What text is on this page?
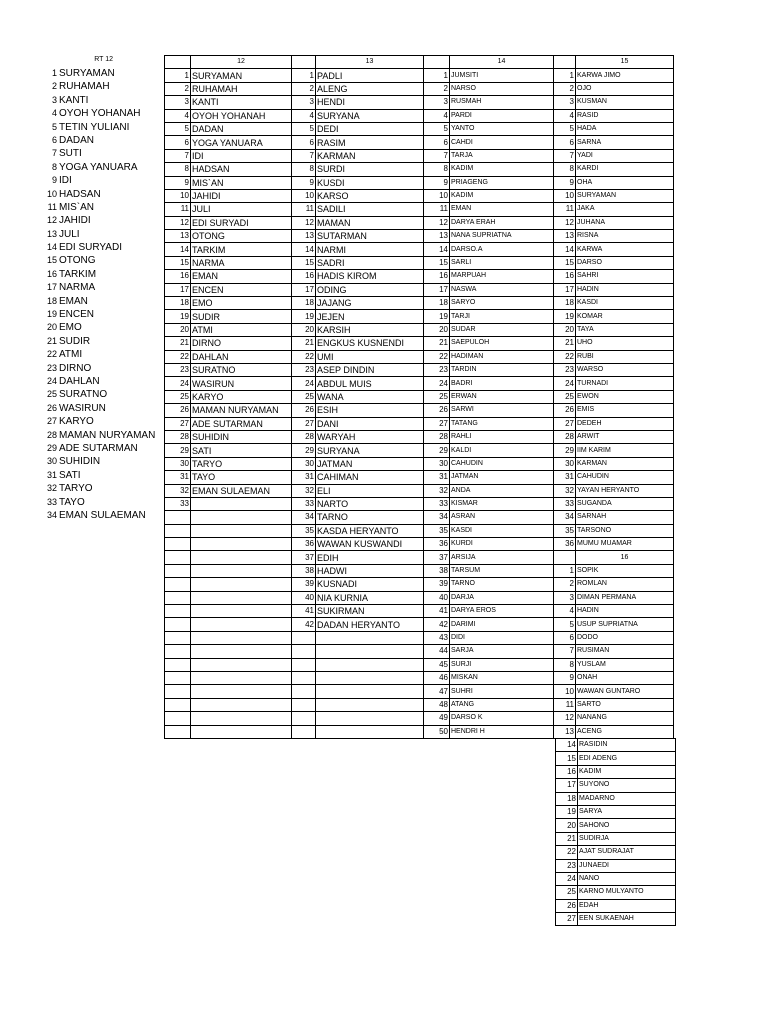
RT 12
1 SURYAMAN
2 RUHAMAH
3 KANTI
4 OYOH YOHANAH
5 TETIN YULIANI
6 DADAN
7 SUTI
8 YOGA YANUARA
9 IDI
10 HADSAN
11 MIS`AN
12 JAHIDI
13 JULI
14 EDI SURYADI
15 OTONG
16 TARKIM
17 NARMA
18 EMAN
19 ENCEN
20 EMO
21 SUDIR
22 ATMI
23 DIRNO
24 DAHLAN
25 SURATNO
26 WASIRUN
27 KARYO
28 MAMAN NURYAMAN
29 ADE SUTARMAN
30 SUHIDIN
31 SATI
32 TARYO
33 TAYO
34 EMAN SULAEMAN
	12		13		14		15
1	SURYAMAN	1	PADLI	1	JUMSITI	1	KARWA JIMO
2	RUHAMAH	2	ALENG	2	NARSO	2	OJO
3	KANTI	3	HENDI	3	RUSMAH	3	KUSMAN
4	OYOH YOHANAH	4	SURYANA	4	PARDI	4	RASID
5	DADAN	5	DEDI	5	YANTO	5	HADA
6	YOGA YANUARA	6	RASIM	6	CAHDI	6	SARNA
7	IDI	7	KARMAN	7	TARJA	7	YADI
8	HADSAN	8	SURDI	8	KADIM	8	KARDI
9	MIS`AN	9	KUSDI	9	PRIAGENG	9	OHA
10	JAHIDI	10	KARSO	10	KADIM	10	SURYAMAN
11	JULI	11	SADILI	11	EMAN	11	JAKA
12	EDI SURYADI	12	MAMAN	12	DARYA ERAH	12	JUHANA
13	OTONG	13	SUTARMAN	13	NANA SUPRIATNA	13	RISNA
14	TARKIM	14	NARMI	14	DARSO.A	14	KARWA
15	NARMA	15	SADRI	15	SARLI	15	DARSO
16	EMAN	16	HADIS KIROM	16	MARPUAH	16	SAHRI
17	ENCEN	17	ODING	17	NASWA	17	HADIN
18	EMO	18	JAJANG	18	SARYO	18	KASDI
19	SUDIR	19	JEJEN	19	TARJI	19	KOMAR
20	ATMI	20	KARSIH	20	SUDAR	20	TAYA
21	DIRNO	21	ENGKUS KUSNENDI	21	SAEPULOH	21	UHO
22	DAHLAN	22	UMI	22	HADIMAN	22	RUBI
23	SURATNO	23	ASEP DINDIN	23	TARDIN	23	WARSO
24	WASIRUN	24	ABDUL MUIS	24	BADRI	24	TURNADI
25	KARYO	25	WANA	25	ERWAN	25	EWON
26	MAMAN NURYAMAN	26	ESIH	26	SARWI	26	EMIS
27	ADE SUTARMAN	27	DANI	27	TATANG	27	DEDEH
28	SUHIDIN	28	WARYAH	28	RAHLI	28	ARWIT
29	SATI	29	SURYANA	29	KALDI	29	IIM KARIM
30	TARYO	30	JATMAN	30	CAHUDIN	30	KARMAN
31	TAYO	31	CAHIMAN	31	JATMAN	31	CAHUDIN
32	EMAN SULAEMAN	32	ELI	32	ANDA	32	YAYAN HERYANTO
33		33	NARTO	33	KISMAR	33	SUGANDA
		34	TARNO	34	ASRAN	34	SARNAH
		35	KASDA HERYANTO	35	KASDI	35	TARSONO
		36	WAWAN KUSWANDI	36	KURDI	36	MUMU MUAMAR
		37	EDIH	37	ARSIJA		16
		38	HADWI	38	TARSUM	1	SOPIK
		39	KUSNADI	39	TARNO	2	ROMLAN
		40	NIA KURNIA	40	DARJA	3	DIMAN PERMANA
		41	SUKIRMAN	41	DARYA EROS	4	HADIN
		42	DADAN HERYANTO	42	DARIMI	5	USUP SUPRIATNA
				43	DIDI	6	DODO
				44	SARJA	7	RUSIMAN
				45	SURJI	8	YUSLAM
				46	MISKAN	9	ONAH
				47	SUHRI	10	WAWAN GUNTARO
				48	ATANG	11	SARTO
				49	DARSO K	12	NANANG
				50	HENDRI H	13	ACENG
14	RASIDIN
15	EDI ADENG
16	KADIM
17	SUYONO
18	MADARNO
19	SARYA
20	SAHONO
21	SUDIRJA
22	AJAT SUDRAJAT
23	JUNAEDI
24	NANO
25	KARNO MULYANTO
26	EDAH
27	EEN SUKAENAH
